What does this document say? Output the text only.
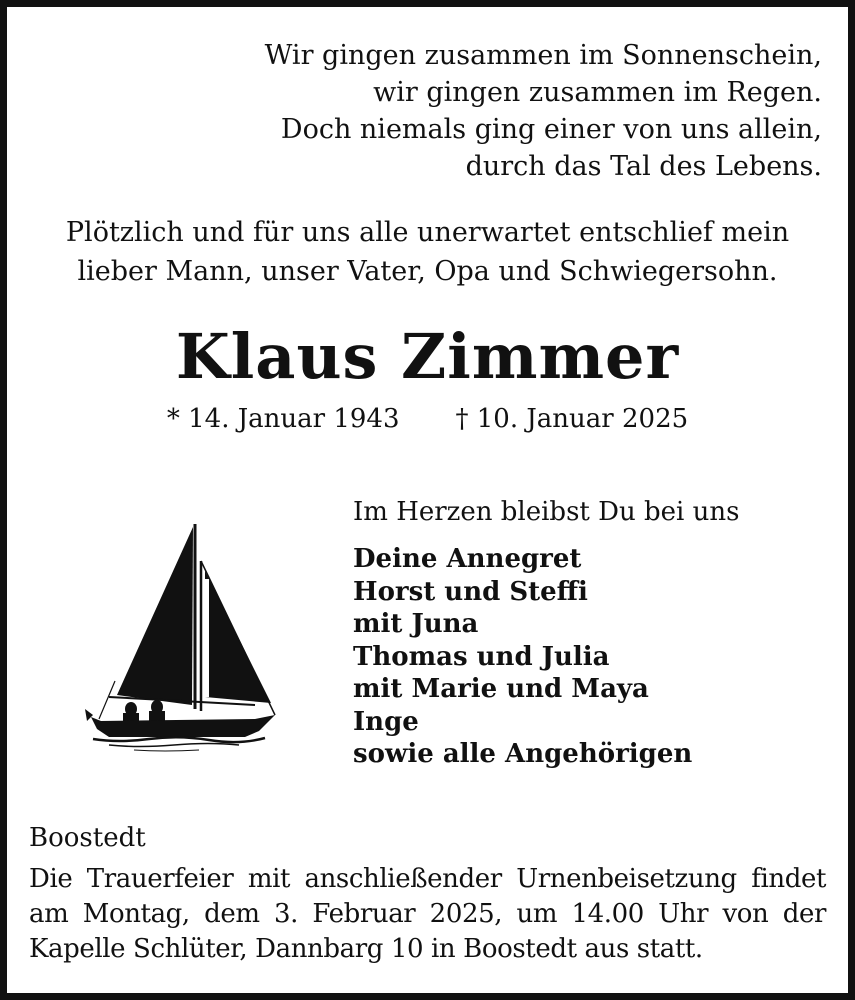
Wir gingen zusammen im Sonnenschein,
wir gingen zusammen im Regen.
Doch niemals ging einer von uns allein,
durch das Tal des Lebens.
Plötzlich und für uns alle unerwartet entschlief mein
lieber Mann, unser Vater, Opa und Schwiegersohn.
Klaus Zimmer
* 14. Januar 1943 † 10. Januar 2025
Im Herzen bleibst Du bei uns
Deine Annegret
Horst und Steffi
mit Juna
Thomas und Julia
mit Marie und Maya
Inge
sowie alle Angehörigen
Boostedt
Die Trauerfeier mit anschließender Urnenbeisetzung findet
am Montag, dem 3. Februar 2025, um 14.00 Uhr von der
Kapelle Schlüter, Dannbarg 10 in Boostedt aus statt.
